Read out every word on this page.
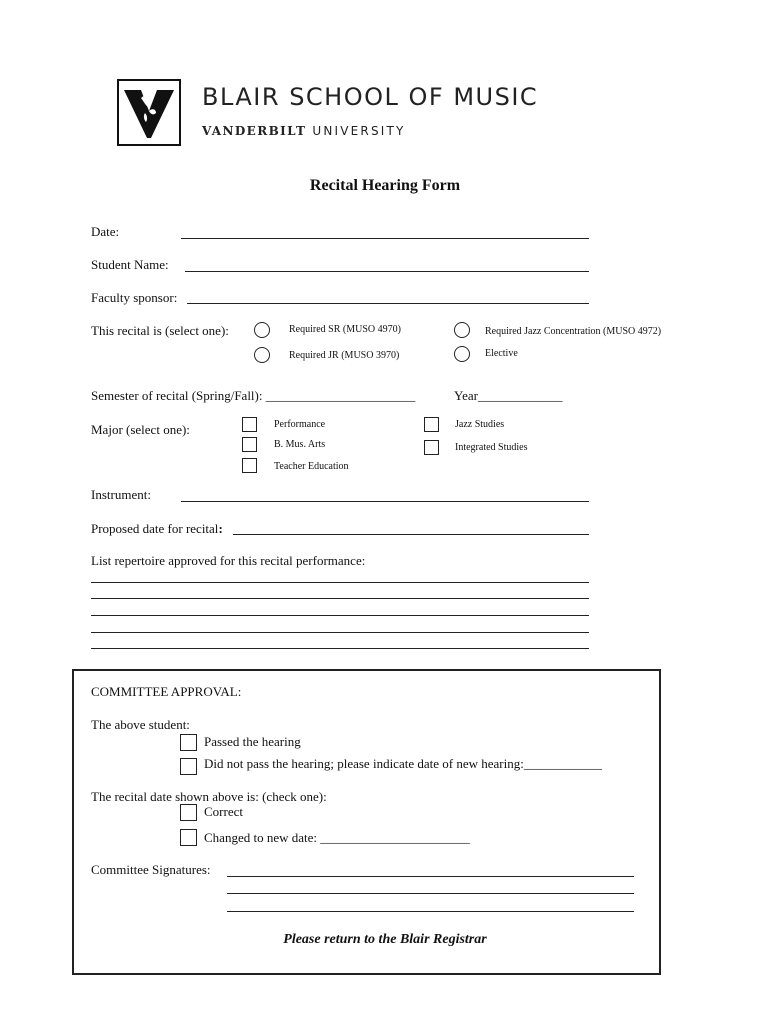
BLAIR SCHOOL OF MUSIC
VANDERBILT UNIVERSITY
Recital Hearing Form
Date:
Student Name:
Faculty sponsor:
This recital is (select one):	Required SR (MUSO 4970)
Required JR (MUSO 3970)
Required Jazz Concentration (MUSO 4972)
Elective
Semester of recital (Spring/Fall): _______________________	Year_____________
Major (select one):	Performance
B. Mus. Arts
Teacher Education
Jazz Studies
Integrated Studies
Instrument:
Proposed date for recital:
List repertoire approved for this recital performance:
COMMITTEE APPROVAL:
The above student:
Passed the hearing
Did not pass the hearing; please indicate date of new hearing:____________
The recital date shown above is: (check one):
Correct
Changed to new date: _______________________
Committee Signatures:
Please return to the Blair Registrar
